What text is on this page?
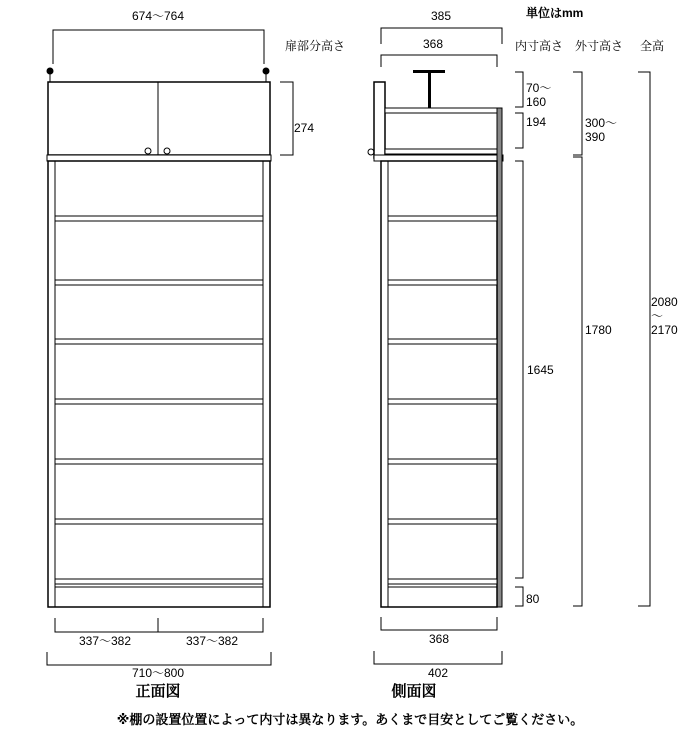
674〜764
扉部分高さ
274
337〜382	337〜382
710〜800
正面図
単位はmm
385
368
368
402
側面図
内寸高さ 外寸高さ 全高
70〜
160
194
1645
80
300〜
390
1780
2080
〜
2170
※棚の設置位置によって内寸は異なります。あくまで目安としてご覧ください。
